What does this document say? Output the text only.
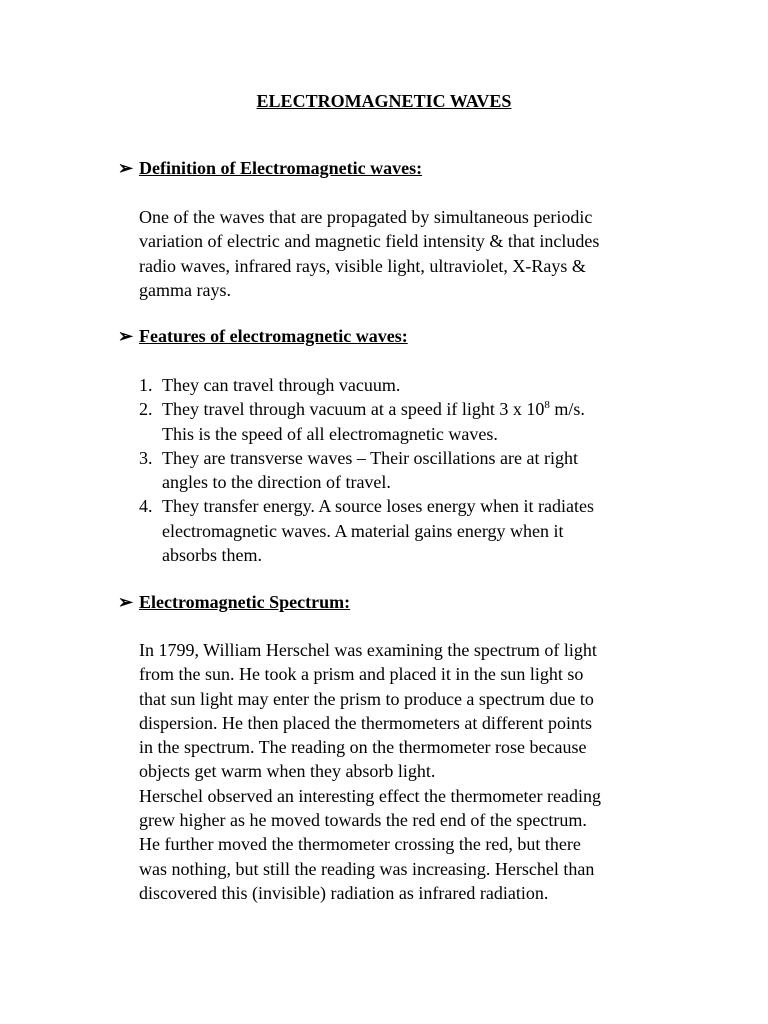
ELECTROMAGNETIC WAVES
➢ Definition of Electromagnetic waves:
One of the waves that are propagated by simultaneous periodic
variation of electric and magnetic field intensity & that includes
radio waves, infrared rays, visible light, ultraviolet, X-Rays &
gamma rays.
➢ Features of electromagnetic waves:
1. They can travel through vacuum.
2. They travel through vacuum at a speed if light 3 x $10^8$ m/s.
This is the speed of all electromagnetic waves.
3. They are transverse waves – Their oscillations are at right
angles to the direction of travel.
4. They transfer energy. A source loses energy when it radiates
electromagnetic waves. A material gains energy when it
absorbs them.
➢ Electromagnetic Spectrum:
In 1799, William Herschel was examining the spectrum of light
from the sun. He took a prism and placed it in the sun light so
that sun light may enter the prism to produce a spectrum due to
dispersion. He then placed the thermometers at different points
in the spectrum. The reading on the thermometer rose because
objects get warm when they absorb light.
Herschel observed an interesting effect the thermometer reading
grew higher as he moved towards the red end of the spectrum.
He further moved the thermometer crossing the red, but there
was nothing, but still the reading was increasing. Herschel than
discovered this (invisible) radiation as infrared radiation.
